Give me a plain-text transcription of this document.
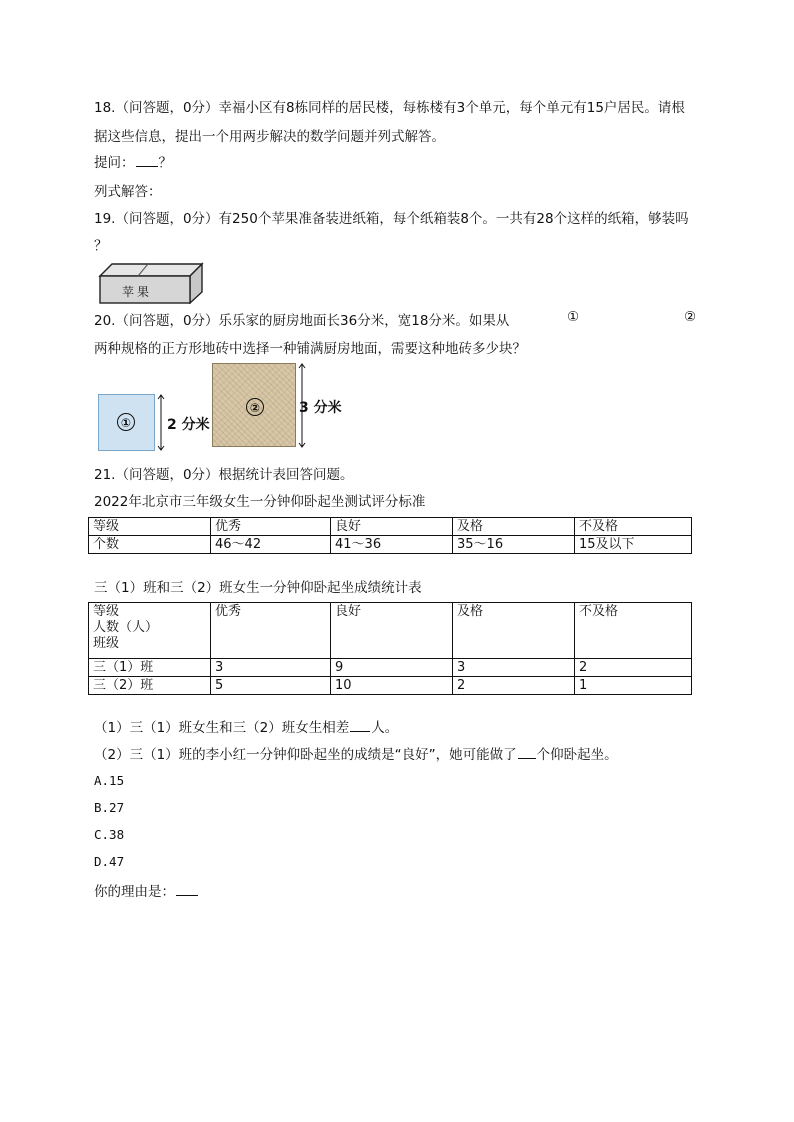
18.（问答题，0分）幸福小区有8栋同样的居民楼，每栋楼有3个单元，每个单元有15户居民。请根
据这些信息，提出一个用两步解决的数学问题并列式解答。
提问： ？
列式解答：
19.（问答题，0分）有250个苹果准备装进纸箱，每个纸箱装8个。一共有28个这样的纸箱，够装吗
？
苹果
20.（问答题，0分）乐乐家的厨房地面长36分米，宽18分米。如果从	①	②
两种规格的正方形地砖中选择一种铺满厨房地面，需要这种地砖多少块？
①	2 分米
②	3 分米
21.（问答题，0分）根据统计表回答问题。
2022年北京市三年级女生一分钟仰卧起坐测试评分标准
等级	优秀	良好	及格	不及格
个数	46～42	41～36	35～16	15及以下
三（1）班和三（2）班女生一分钟仰卧起坐成绩统计表
等级
人数（人）
班级	优秀	良好	及格	不及格
三（1）班	3	9	3	2
三（2）班	5	10	2	1
（1）三（1）班女生和三（2）班女生相差 人。
（2）三（1）班的李小红一分钟仰卧起坐的成绩是“良好”，她可能做了 个仰卧起坐。
A.15
B.27
C.38
D.47
你的理由是：
